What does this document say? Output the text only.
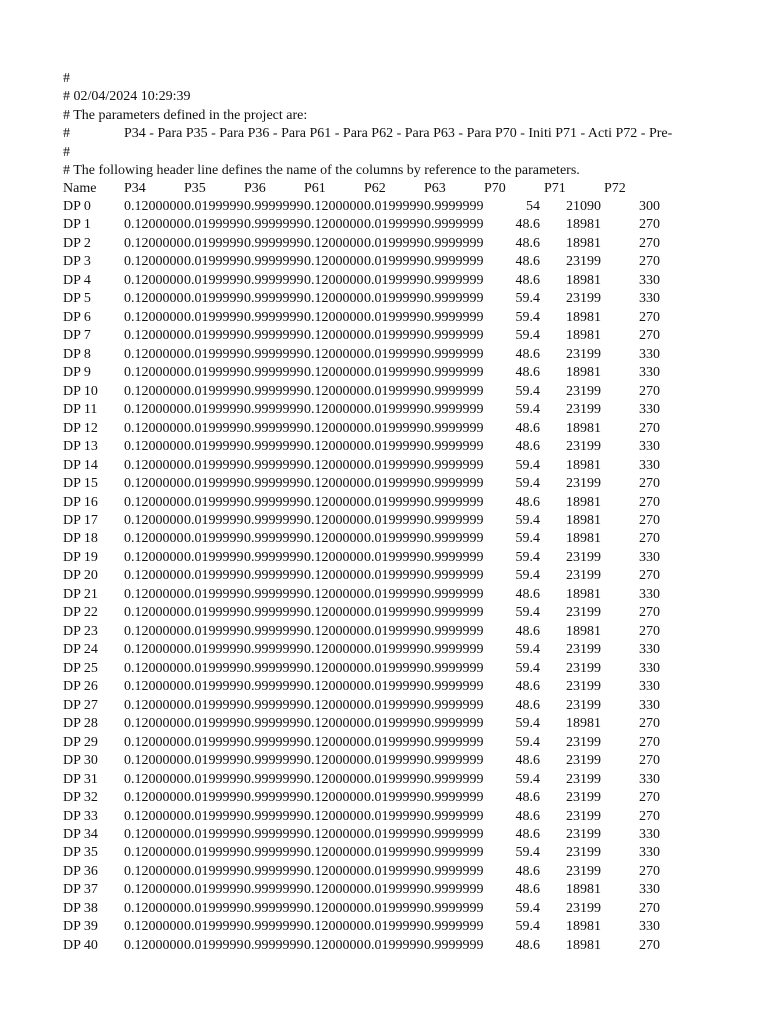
#
# 02/04/2024 10:29:39
# The parameters defined in the project are:
#	P34 - Para P35 - Para P36 - Para P61 - Para P62 - Para P63 - Para P70 - Initi P71 - Acti P72 - Pre-
#
# The following header line defines the name of the columns by reference to the parameters.
Name P34	P35	P36	P61	P62	P63	P70	P71	P72
DP 0 0.1200000 0.0199999 0.9999999 0.1200000 0.0199999 0.9999999	54 21090	300
DP 1 0.1200000 0.0199999 0.9999999 0.1200000 0.0199999 0.9999999	48.6 18981	270
DP 2 0.1200000 0.0199999 0.9999999 0.1200000 0.0199999 0.9999999	48.6 18981	270
DP 3 0.1200000 0.0199999 0.9999999 0.1200000 0.0199999 0.9999999	48.6 23199	270
DP 4 0.1200000 0.0199999 0.9999999 0.1200000 0.0199999 0.9999999	48.6 18981	330
DP 5 0.1200000 0.0199999 0.9999999 0.1200000 0.0199999 0.9999999	59.4 23199	330
DP 6 0.1200000 0.0199999 0.9999999 0.1200000 0.0199999 0.9999999	59.4 18981	270
DP 7 0.1200000 0.0199999 0.9999999 0.1200000 0.0199999 0.9999999	59.4 18981	270
DP 8 0.1200000 0.0199999 0.9999999 0.1200000 0.0199999 0.9999999	48.6 23199	330
DP 9 0.1200000 0.0199999 0.9999999 0.1200000 0.0199999 0.9999999	48.6 18981	330
DP 10 0.1200000 0.0199999 0.9999999 0.1200000 0.0199999 0.9999999	59.4 23199	270
DP 11 0.1200000 0.0199999 0.9999999 0.1200000 0.0199999 0.9999999	59.4 23199	330
DP 12 0.1200000 0.0199999 0.9999999 0.1200000 0.0199999 0.9999999	48.6 18981	270
DP 13 0.1200000 0.0199999 0.9999999 0.1200000 0.0199999 0.9999999	48.6 23199	330
DP 14 0.1200000 0.0199999 0.9999999 0.1200000 0.0199999 0.9999999	59.4 18981	330
DP 15 0.1200000 0.0199999 0.9999999 0.1200000 0.0199999 0.9999999	59.4 23199	270
DP 16 0.1200000 0.0199999 0.9999999 0.1200000 0.0199999 0.9999999	48.6 18981	270
DP 17 0.1200000 0.0199999 0.9999999 0.1200000 0.0199999 0.9999999	59.4 18981	270
DP 18 0.1200000 0.0199999 0.9999999 0.1200000 0.0199999 0.9999999	59.4 18981	270
DP 19 0.1200000 0.0199999 0.9999999 0.1200000 0.0199999 0.9999999	59.4 23199	330
DP 20 0.1200000 0.0199999 0.9999999 0.1200000 0.0199999 0.9999999	59.4 23199	270
DP 21 0.1200000 0.0199999 0.9999999 0.1200000 0.0199999 0.9999999	48.6 18981	330
DP 22 0.1200000 0.0199999 0.9999999 0.1200000 0.0199999 0.9999999	59.4 23199	270
DP 23 0.1200000 0.0199999 0.9999999 0.1200000 0.0199999 0.9999999	48.6 18981	270
DP 24 0.1200000 0.0199999 0.9999999 0.1200000 0.0199999 0.9999999	59.4 23199	330
DP 25 0.1200000 0.0199999 0.9999999 0.1200000 0.0199999 0.9999999	59.4 23199	330
DP 26 0.1200000 0.0199999 0.9999999 0.1200000 0.0199999 0.9999999	48.6 23199	330
DP 27 0.1200000 0.0199999 0.9999999 0.1200000 0.0199999 0.9999999	48.6 23199	330
DP 28 0.1200000 0.0199999 0.9999999 0.1200000 0.0199999 0.9999999	59.4 18981	270
DP 29 0.1200000 0.0199999 0.9999999 0.1200000 0.0199999 0.9999999	59.4 23199	270
DP 30 0.1200000 0.0199999 0.9999999 0.1200000 0.0199999 0.9999999	48.6 23199	270
DP 31 0.1200000 0.0199999 0.9999999 0.1200000 0.0199999 0.9999999	59.4 23199	330
DP 32 0.1200000 0.0199999 0.9999999 0.1200000 0.0199999 0.9999999	48.6 23199	270
DP 33 0.1200000 0.0199999 0.9999999 0.1200000 0.0199999 0.9999999	48.6 23199	270
DP 34 0.1200000 0.0199999 0.9999999 0.1200000 0.0199999 0.9999999	48.6 23199	330
DP 35 0.1200000 0.0199999 0.9999999 0.1200000 0.0199999 0.9999999	59.4 23199	330
DP 36 0.1200000 0.0199999 0.9999999 0.1200000 0.0199999 0.9999999	48.6 23199	270
DP 37 0.1200000 0.0199999 0.9999999 0.1200000 0.0199999 0.9999999	48.6 18981	330
DP 38 0.1200000 0.0199999 0.9999999 0.1200000 0.0199999 0.9999999	59.4 23199	270
DP 39 0.1200000 0.0199999 0.9999999 0.1200000 0.0199999 0.9999999	59.4 18981	330
DP 40 0.1200000 0.0199999 0.9999999 0.1200000 0.0199999 0.9999999	48.6 18981	270
